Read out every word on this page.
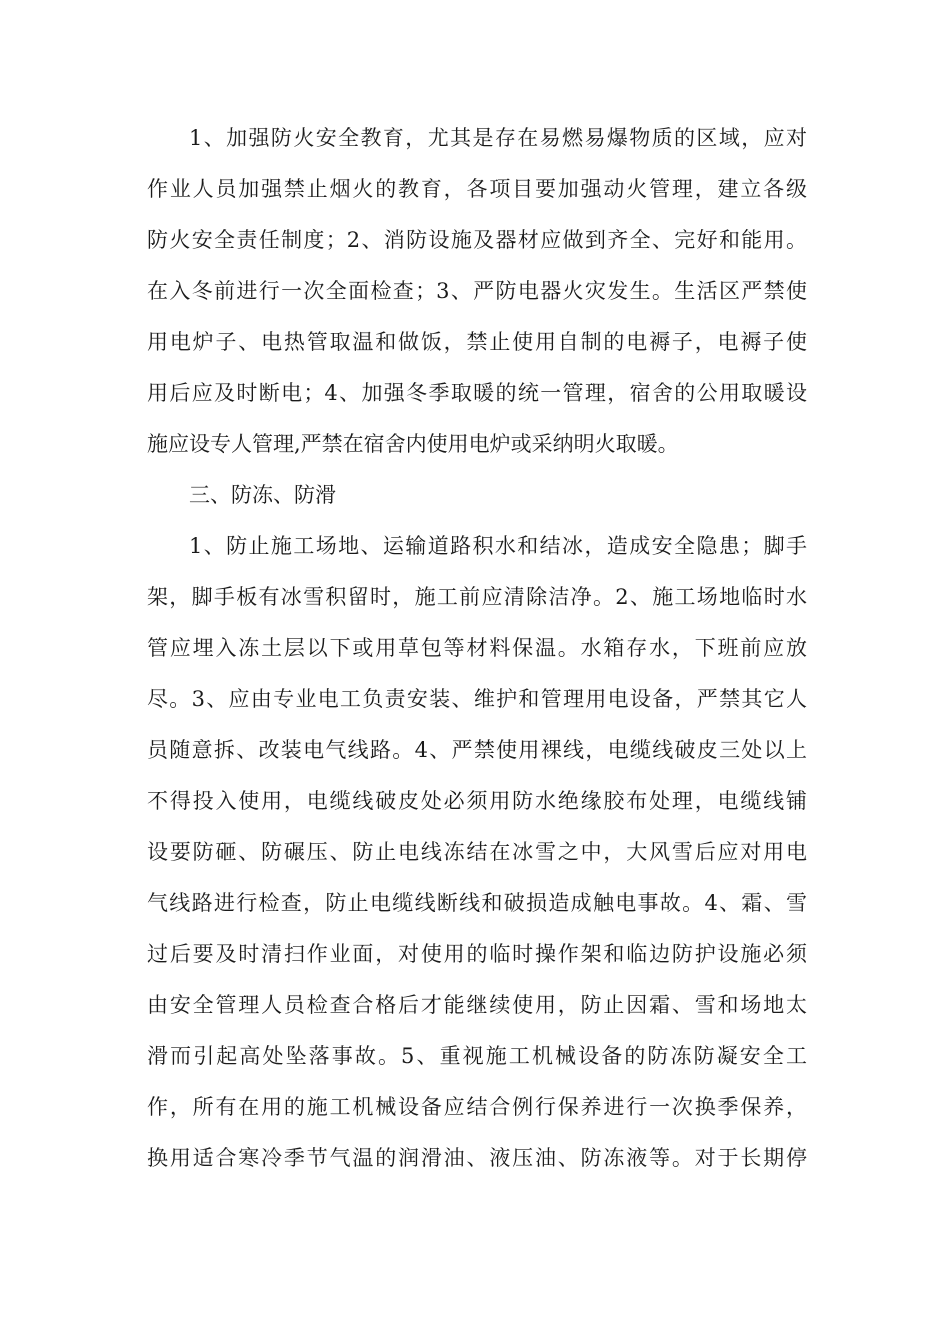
1、加强防火安全教育，尤其是存在易燃易爆物质的区域，应对
作业人员加强禁止烟火的教育，各项目要加强动火管理，建立各级
防火安全责任制度；2、消防设施及器材应做到齐全、完好和能用。
在入冬前进行一次全面检查；3、严防电器火灾发生。生活区严禁使
用电炉子、电热管取温和做饭，禁止使用自制的电褥子，电褥子使
用后应及时断电；4、加强冬季取暖的统一管理，宿舍的公用取暖设
施应设专人管理,严禁在宿舍内使用电炉或采纳明火取暖。
三、防冻、防滑
1、防止施工场地、运输道路积水和结冰，造成安全隐患；脚手
架，脚手板有冰雪积留时，施工前应清除洁净。2、施工场地临时水
管应埋入冻土层以下或用草包等材料保温。水箱存水，下班前应放
尽。3、应由专业电工负责安装、维护和管理用电设备，严禁其它人
员随意拆、改装电气线路。4、严禁使用裸线，电缆线破皮三处以上
不得投入使用，电缆线破皮处必须用防水绝缘胶布处理，电缆线铺
设要防砸、防碾压、防止电线冻结在冰雪之中，大风雪后应对用电
气线路进行检查，防止电缆线断线和破损造成触电事故。4、霜、雪
过后要及时清扫作业面，对使用的临时操作架和临边防护设施必须
由安全管理人员检查合格后才能继续使用，防止因霜、雪和场地太
滑而引起高处坠落事故。5、重视施工机械设备的防冻防凝安全工
作，所有在用的施工机械设备应结合例行保养进行一次换季保养，
换用适合寒冷季节气温的润滑油、液压油、防冻液等。对于长期停
